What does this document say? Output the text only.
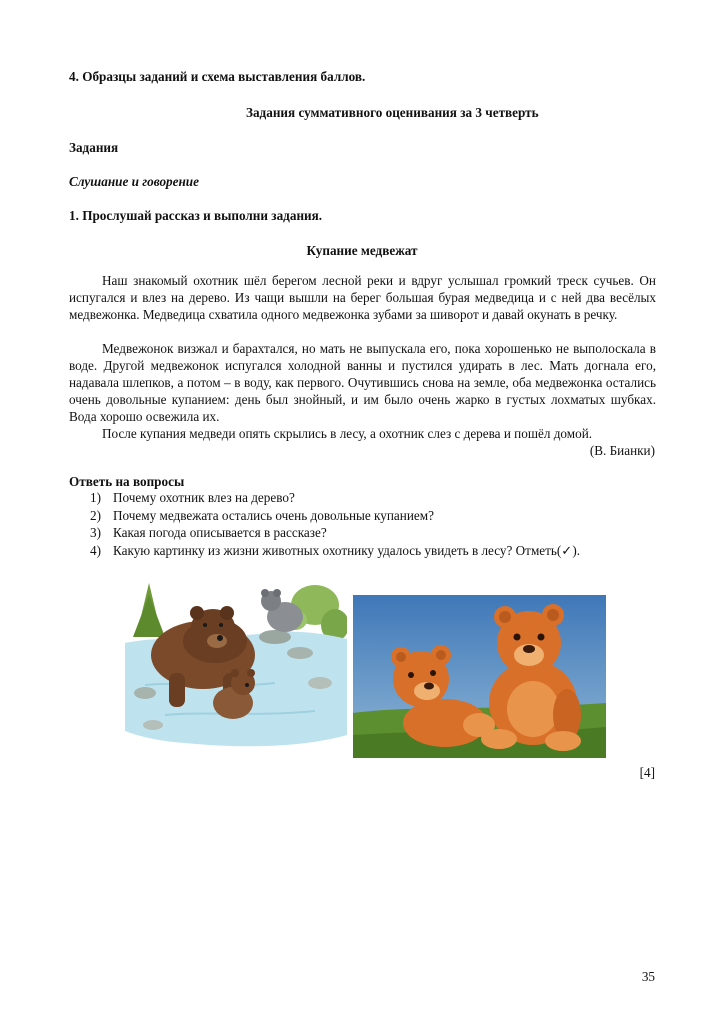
4. Образцы заданий и схема выставления баллов.
Задания суммативного оценивания за 3 четверть
Задания
Слушание и говорение
1. Прослушай рассказ и выполни задания.
Купание медвежат

Наш знакомый охотник шёл берегом лесной реки и вдруг услышал громкий треск сучьев. Он испугался и влез на дерево. Из чащи вышли на берег большая бурая медведица и с ней два весёлых медвежонка. Медведица схватила одного медвежонка зубами за шиворот и давай окунать в речку.

Медвежонок визжал и барахтался, но мать не выпускала его, пока хорошенько не выполоскала в воде. Другой медвежонок испугался холодной ванны и пустился удирать в лес. Мать догнала его, надавала шлепков, а потом – в воду, как первого. Очутившись снова на земле, оба медвежонка остались очень довольные купанием: день был знойный, и им было очень жарко в густых лохматых шубках. Вода хорошо освежила их.

После купания медведи опять скрылись в лесу, а охотник слез с дерева и пошёл домой.

(В. Бианки)
Ответь на вопросы
1) Почему охотник влез на дерево?
2) Почему медвежата остались очень довольные купанием?
3) Какая погода описывается в рассказе?
4) Какую картинку из жизни животных охотнику удалось увидеть в лесу? Отметь(✓).
[4]
35
